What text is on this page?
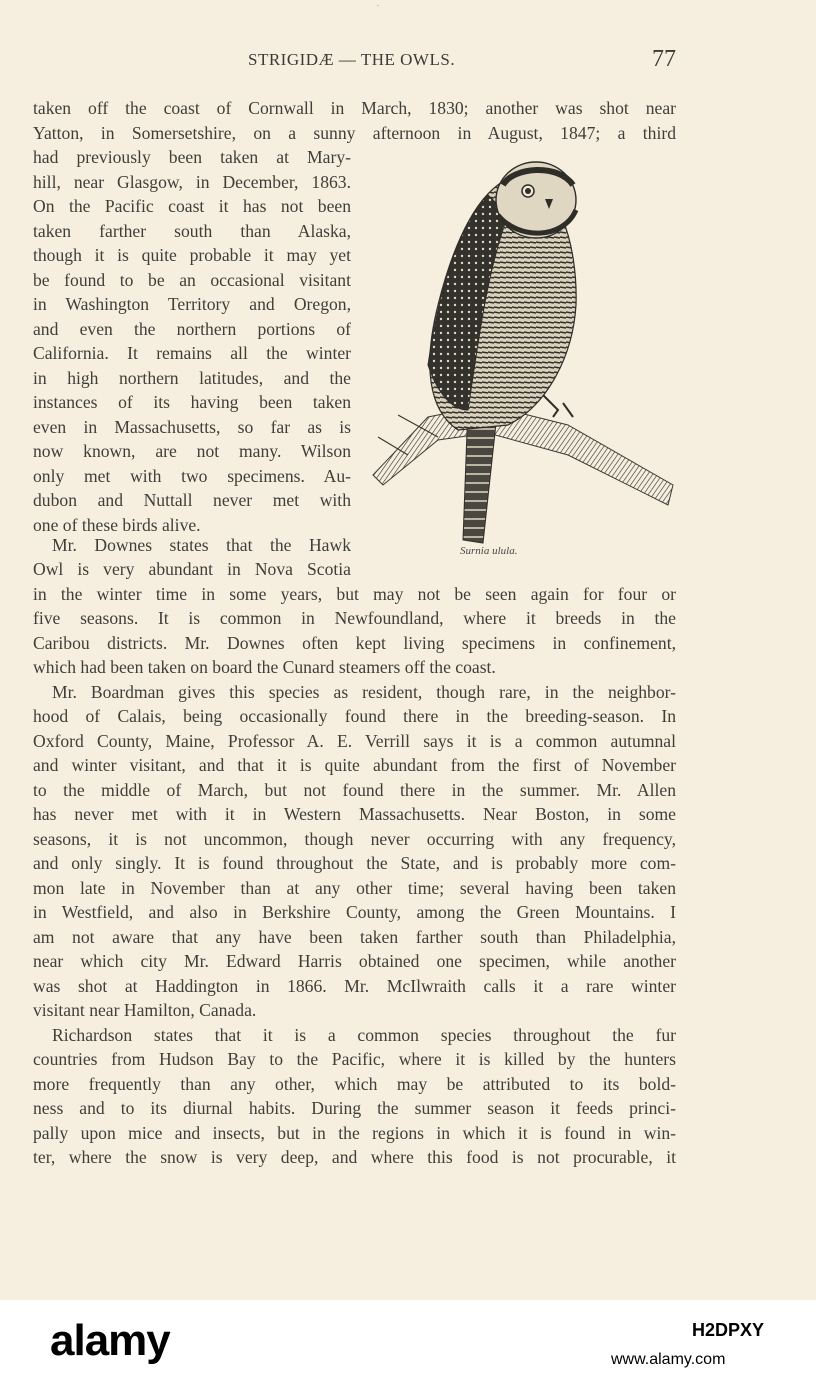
·
STRIGIDÆ — THE OWLS.	77
taken off the coast of Cornwall in March, 1830; another was shot near
Yatton, in Somersetshire, on a sunny afternoon in August, 1847; a third
had previously been taken at Mary-
hill, near Glasgow, in December, 1863.
On the Pacific coast it has not been
taken farther south than Alaska,
though it is quite probable it may yet
be found to be an occasional visitant
in Washington Territory and Oregon,
and even the northern portions of
California. It remains all the winter
in high northern latitudes, and the
instances of its having been taken
even in Massachusetts, so far as is
now known, are not many. Wilson
only met with two specimens. Au-
dubon and Nuttall never met with
one of these birds alive.
Surnia ulula.
Mr. Downes states that the Hawk
Owl is very abundant in Nova Scotia
in the winter time in some years, but may not be seen again for four or
five seasons. It is common in Newfoundland, where it breeds in the
Caribou districts. Mr. Downes often kept living specimens in confinement,
which had been taken on board the Cunard steamers off the coast.
Mr. Boardman gives this species as resident, though rare, in the neighbor-
hood of Calais, being occasionally found there in the breeding-season. In
Oxford County, Maine, Professor A. E. Verrill says it is a common autumnal
and winter visitant, and that it is quite abundant from the first of November
to the middle of March, but not found there in the summer. Mr. Allen
has never met with it in Western Massachusetts. Near Boston, in some
seasons, it is not uncommon, though never occurring with any frequency,
and only singly. It is found throughout the State, and is probably more com-
mon late in November than at any other time; several having been taken
in Westfield, and also in Berkshire County, among the Green Mountains. I
am not aware that any have been taken farther south than Philadelphia,
near which city Mr. Edward Harris obtained one specimen, while another
was shot at Haddington in 1866. Mr. McIlwraith calls it a rare winter
visitant near Hamilton, Canada.
Richardson states that it is a common species throughout the fur
countries from Hudson Bay to the Pacific, where it is killed by the hunters
more frequently than any other, which may be attributed to its bold-
ness and to its diurnal habits. During the summer season it feeds princi-
pally upon mice and insects, but in the regions in which it is found in win-
ter, where the snow is very deep, and where this food is not procurable, it
alamy	H2DPXY
www.alamy.com
